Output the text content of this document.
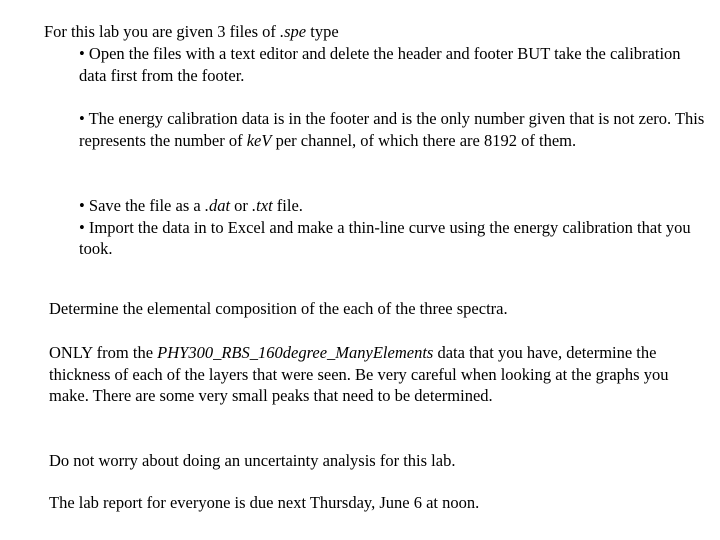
For this lab you are given 3 files of .spe type

• Open the files with a text editor and delete the header and footer BUT take the calibration data first from the footer.

• The energy calibration data is in the footer and is the only number given that is not zero. This represents the number of keV per channel, of which there are 8192 of them.

• Save the file as a .dat or .txt file.

• Import the data in to Excel and make a thin-line curve using the energy calibration that you took.

Determine the elemental composition of the each of the three spectra.

ONLY from the PHY300_RBS_160degree_ManyElements data that you have, determine the thickness of each of the layers that were seen. Be very careful when looking at the graphs you make. There are some very small peaks that need to be determined.

Do not worry about doing an uncertainty analysis for this lab.

The lab report for everyone is due next Thursday, June 6 at noon.
